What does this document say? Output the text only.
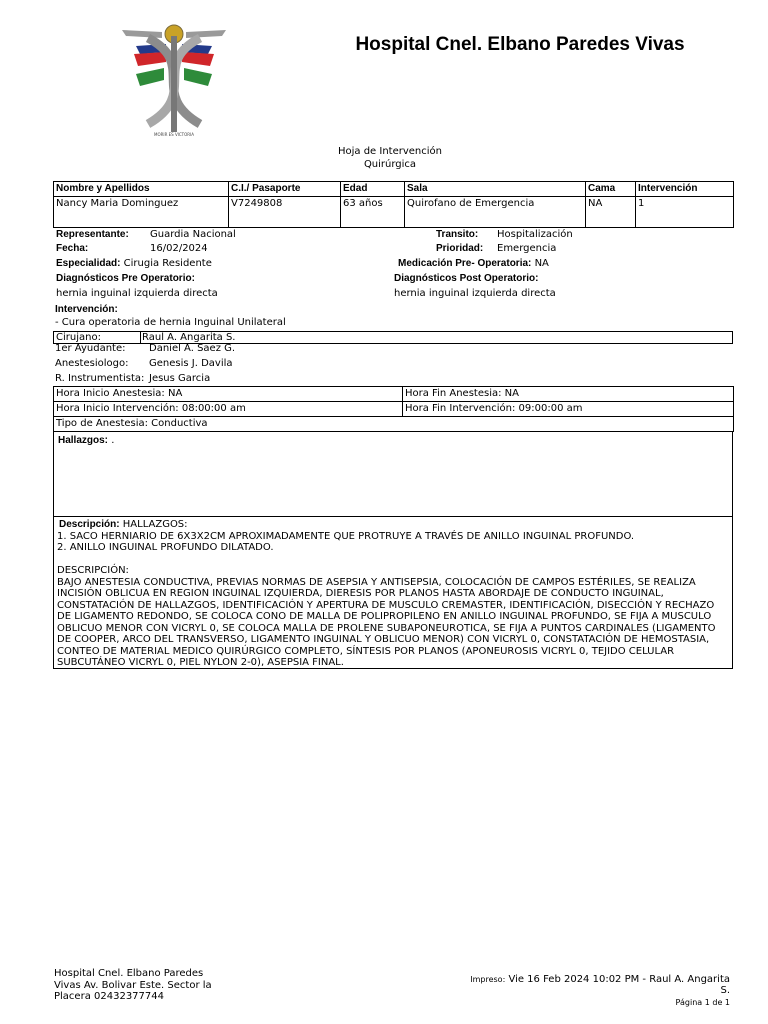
MORIR ES VICTORIA
Hospital Cnel. Elbano Paredes Vivas
Hoja de Intervención
Quirúrgica
Nombre y Apellidos	C.I./ Pasaporte	Edad	Sala	Cama	Intervención
Nancy Maria Dominguez	V7249808	63 años	Quirofano de Emergencia	NA	1
Representante: Guardia Nacional
Fecha:	16/02/2024
Especialidad: Cirugia Residente
Transito: Hospitalización
Prioridad: Emergencia
Medicación Pre- Operatoria: NA
Diagnósticos Pre Operatorio:	Diagnósticos Post Operatorio:
hernia inguinal izquierda directa	hernia inguinal izquierda directa
Intervención:
- Cura operatoria de hernia Inguinal Unilateral
Cirujano:	Raul A. Angarita S.
1er Ayudante: Daniel A. Saez G.
Anestesiologo: Genesis J. Davila
R. Instrumentista: Jesus Garcia
Hora Inicio Anestesia: NA	Hora Fin Anestesia: NA
Hora Inicio Intervención: 08:00:00 am	Hora Fin Intervención: 09:00:00 am
Tipo de Anestesia: Conductiva	
Hallazgos: .
Descripción: HALLAZGOS:
1. SACO HERNIARIO DE 6X3X2CM APROXIMADAMENTE QUE PROTRUYE A TRAVÉS DE ANILLO INGUINAL PROFUNDO.
2. ANILLO INGUINAL PROFUNDO DILATADO.

DESCRIPCIÓN:
BAJO ANESTESIA CONDUCTIVA, PREVIAS NORMAS DE ASEPSIA Y ANTISEPSIA, COLOCACIÓN DE CAMPOS ESTÉRILES, SE REALIZA
INCISIÓN OBLICUA EN REGION INGUINAL IZQUIERDA, DIERESIS POR PLANOS HASTA ABORDAJE DE CONDUCTO INGUINAL,
CONSTATACIÓN DE HALLAZGOS, IDENTIFICACIÓN Y APERTURA DE MUSCULO CREMASTER, IDENTIFICACIÓN, DISECCIÓN Y RECHAZO
DE LIGAMENTO REDONDO, SE COLOCA CONO DE MALLA DE POLIPROPILENO EN ANILLO INGUINAL PROFUNDO, SE FIJA A MUSCULO
OBLICUO MENOR CON VICRYL 0, SE COLOCA MALLA DE PROLENE SUBAPONEUROTICA, SE FIJA A PUNTOS CARDINALES (LIGAMENTO
DE COOPER, ARCO DEL TRANSVERSO, LIGAMENTO INGUINAL Y OBLICUO MENOR) CON VICRYL 0, CONSTATACIÓN DE HEMOSTASIA,
CONTEO DE MATERIAL MEDICO QUIRÚRGICO COMPLETO, SÍNTESIS POR PLANOS (APONEUROSIS VICRYL 0, TEJIDO CELULAR
SUBCUTÁNEO VICRYL 0, PIEL NYLON 2-0), ASEPSIA FINAL.
Hospital Cnel. Elbano Paredes Vivas Av. Bolivar Este. Sector la Placera 02432377744
Impreso: Vie 16 Feb 2024 10:02 PM - Raul A. Angarita S.
Página 1 de 1
